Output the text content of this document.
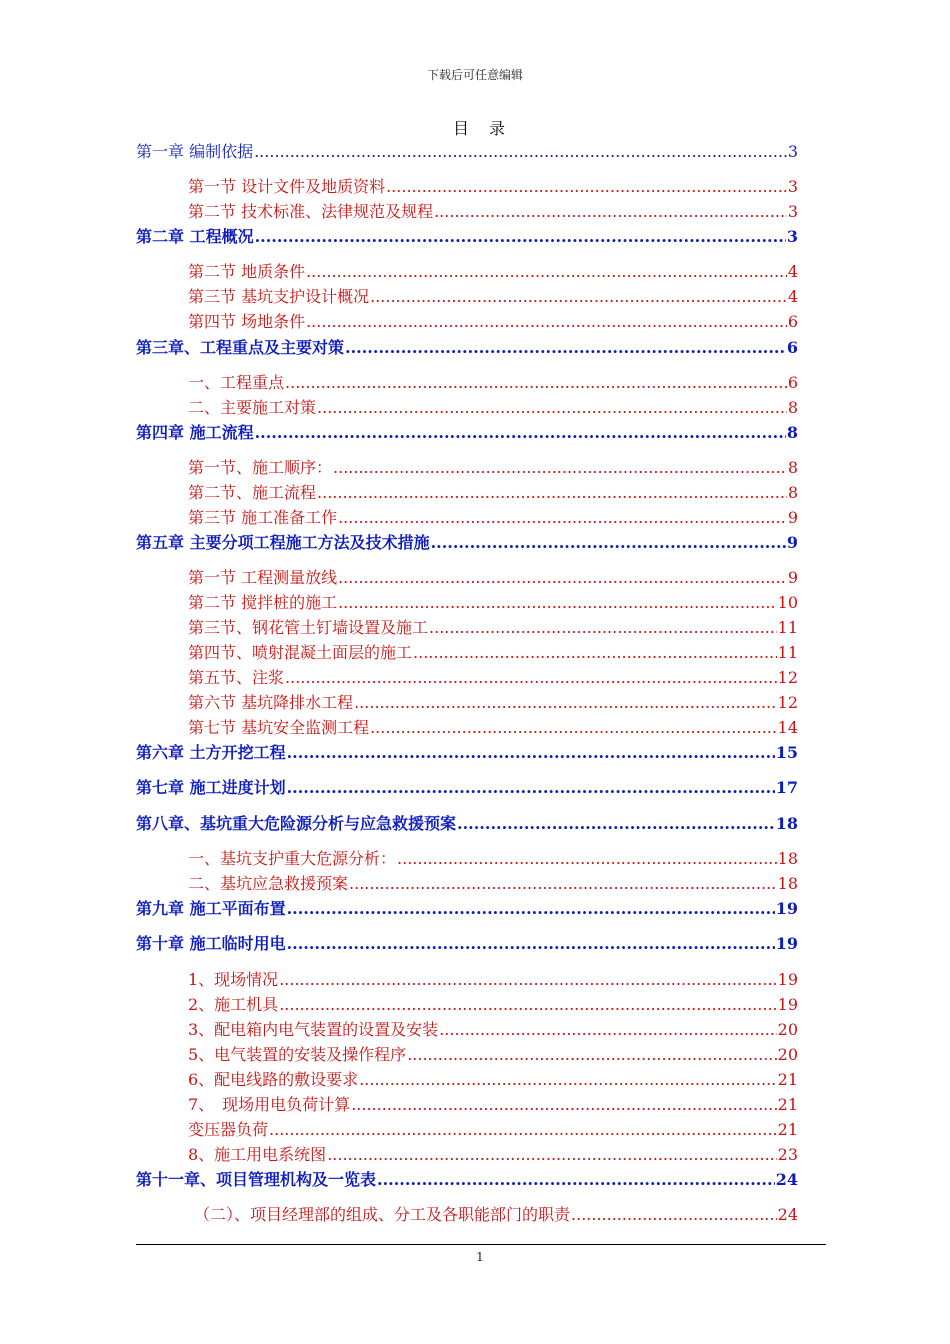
下载后可任意编辑
目　录
第一章 编制依据 .....	3
第一节 设计文件及地质资料 .....	3
第二节 技术标准、法律规范及规程 .....	3
第二章 工程概况 .....	3
第二节 地质条件 .....	4
第三节 基坑支护设计概况 .....	4
第四节 场地条件 .....	6
第三章、工程重点及主要对策 .....	6
一、工程重点 .....	6
二、主要施工对策 .....	8
第四章 施工流程 .....	8
第一节、施工顺序： .....	8
第二节、施工流程 .....	8
第三节 施工准备工作 .....	9
第五章 主要分项工程施工方法及技术措施 .....	9
第一节 工程测量放线 .....	9
第二节 搅拌桩的施工 .....	10
第三节、钢花管土钉墙设置及施工 .....	11
第四节、喷射混凝土面层的施工 .....	11
第五节、注浆 .....	12
第六节 基坑降排水工程 .....	12
第七节 基坑安全监测工程 .....	14
第六章 土方开挖工程 .....	15
第七章 施工进度计划 .....	17
第八章、基坑重大危险源分析与应急救援预案 .....	18
一、基坑支护重大危源分析： .....	18
二、基坑应急救援预案 .....	18
第九章 施工平面布置 .....	19
第十章 施工临时用电 .....	19
1、现场情况 .....	19
2、施工机具 .....	19
3、配电箱内电气装置的设置及安装 .....	20
5、电气装置的安装及操作程序 .....	20
6、配电线路的敷设要求 .....	21
7、　现场用电负荷计算 .....	21
变压器负荷 .....	21
8、施工用电系统图 .....	23
第十一章、项目管理机构及一览表 .....	24
（二）、项目经理部的组成、分工及各职能部门的职责 .....	24
1
